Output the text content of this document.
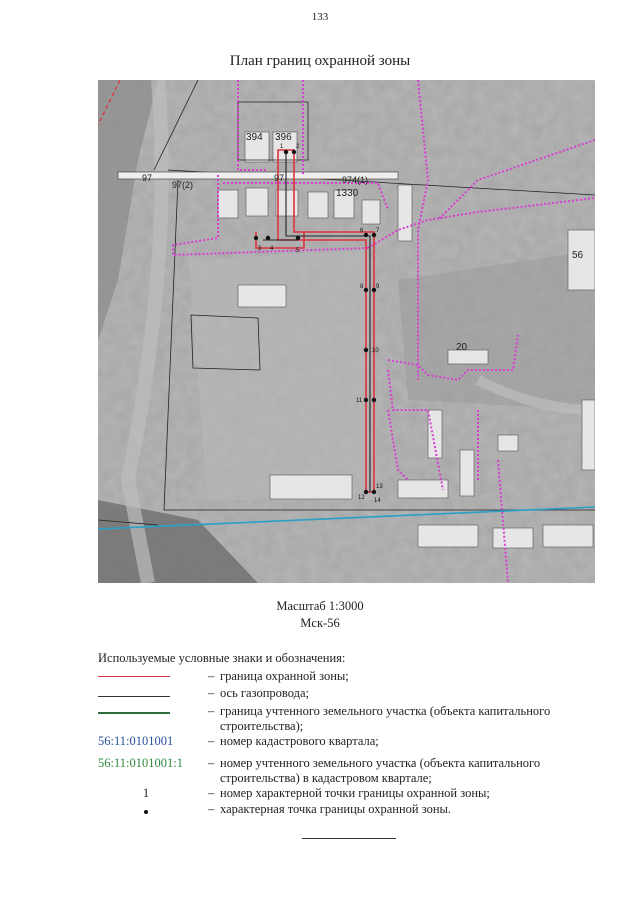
133
План границ охранной зоны
394 396
97
97(2)
97	974(1)
1330
56
20
1 2
3 4	5
6 7
8 9
10
11
12
13
14
Масштаб 1:3000
Мск-56
Используемые условные знаки и обозначения:
– граница охранной зоны;
– ось газопровода;
– граница учтенного земельного участка (объекта капитального строительства);
56:11:0101001	– номер кадастрового квартала;
56:11:0101001:1	– номер учтенного земельного участка (объекта капитального строительства) в кадастровом квартале;
1	– номер характерной точки границы охранной зоны;
– характерная точка границы охранной зоны.
